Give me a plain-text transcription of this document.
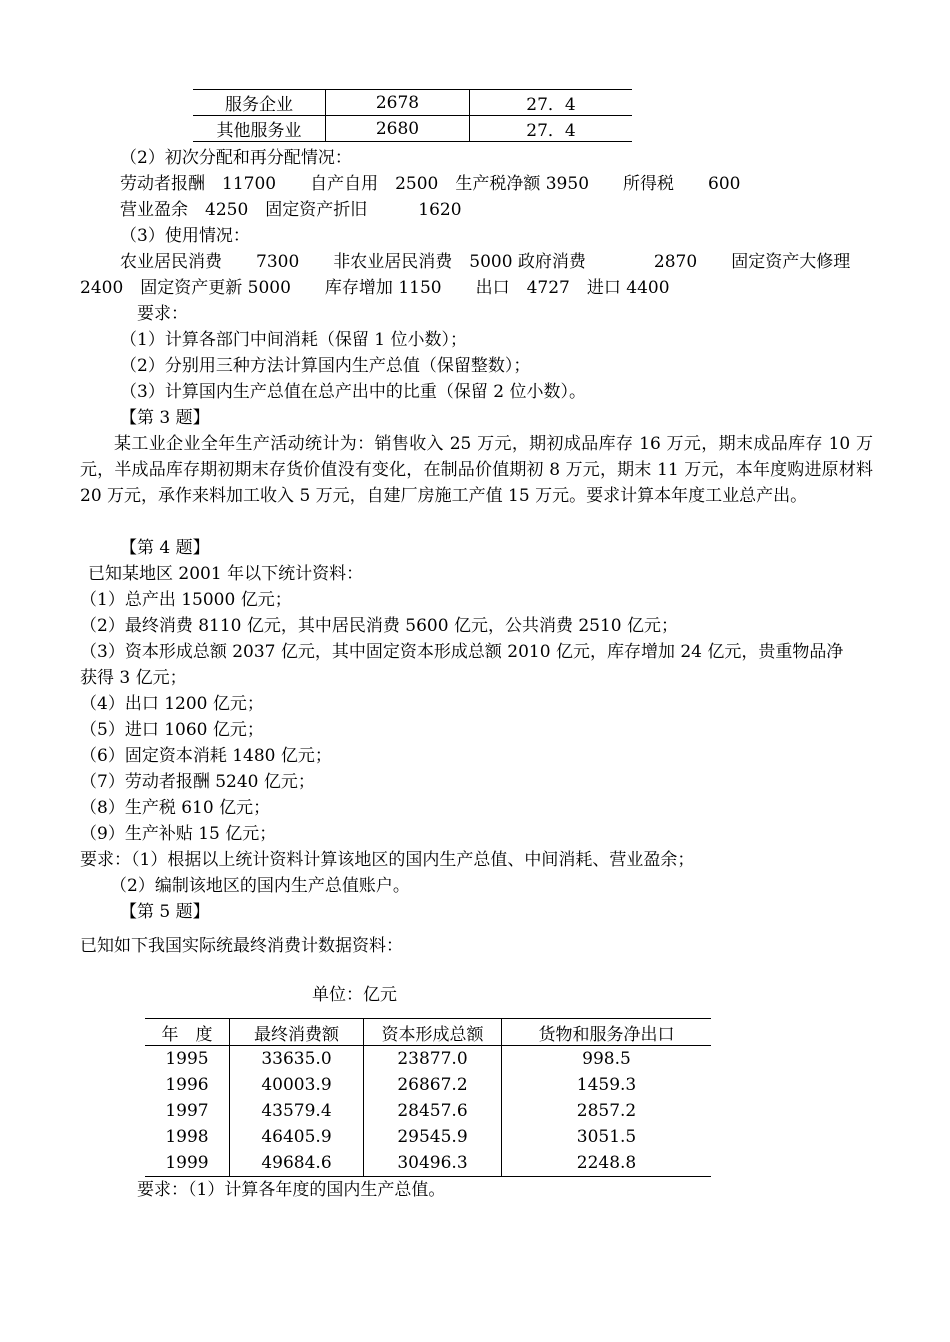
服务企业	2678	27．4
其他服务业	2680	27．4
（2）初次分配和再分配情况：
劳动者报酬　11700　　自产自用　2500　生产税净额 3950　　所得税　　600
营业盈余　4250　固定资产折旧　　　1620
（3）使用情况：
农业居民消费　　7300　　非农业居民消费　5000 政府消费　　　　2870　　固定资产大修理
2400　固定资产更新 5000　　库存增加 1150　　出口　4727　进口 4400
要求：
（1）计算各部门中间消耗（保留 1 位小数）；
（2）分别用三种方法计算国内生产总值（保留整数）；
（3）计算国内生产总值在总产出中的比重（保留 2 位小数）。
【第 3 题】
某工业企业全年生产活动统计为：销售收入 25 万元，期初成品库存 16 万元，期末成品库存 10 万元，半成品库存期初期末存货价值没有变化，在制品价值期初 8 万元，期末 11 万元，本年度购进原材料 20 万元，承作来料加工收入 5 万元，自建厂房施工产值 15 万元。要求计算本年度工业总产出。
【第 4 题】
已知某地区 2001 年以下统计资料：
（1）总产出 15000 亿元；
（2）最终消费 8110 亿元，其中居民消费 5600 亿元，公共消费 2510 亿元；
（3）资本形成总额 2037 亿元，其中固定资本形成总额 2010 亿元，库存增加 24 亿元，贵重物品净
获得 3 亿元；
（4）出口 1200 亿元；
（5）进口 1060 亿元；
（6）固定资本消耗 1480 亿元；
（7）劳动者报酬 5240 亿元；
（8）生产税 610 亿元；
（9）生产补贴 15 亿元；
要求：（1）根据以上统计资料计算该地区的国内生产总值、中间消耗、营业盈余；
（2）编制该地区的国内生产总值账户。
【第 5 题】
已知如下我国实际统最终消费计数据资料：
单位：亿元
年　度	最终消费额	资本形成总额	货物和服务净出口
1995	33635.0	23877.0	998.5
1996	40003.9	26867.2	1459.3
1997	43579.4	28457.6	2857.2
1998	46405.9	29545.9	3051.5
1999	49684.6	30496.3	2248.8
要求：（1）计算各年度的国内生产总值。
